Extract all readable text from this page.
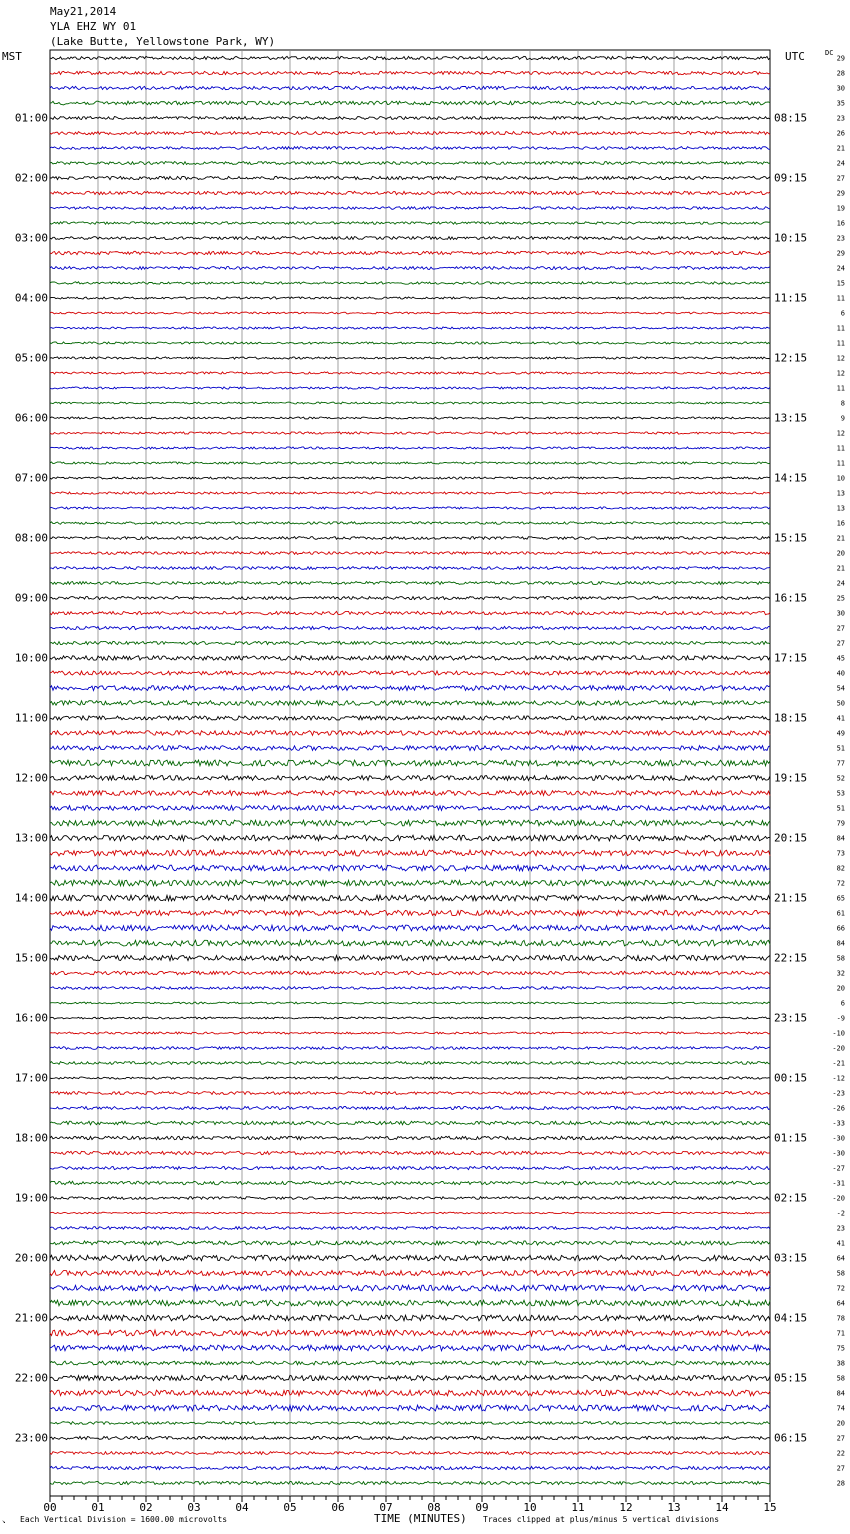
May21,2014
YLA EHZ WY 01
(Lake Butte, Yellowstone Park, WY)
MST	UTC	DC
29
28
30
35
23
26
21
24
27
29
19
16
23
29
24
15
11
6
11
11
12
12
11
8
9
12
11
11
10
13
13
16
21
20
21
24
25
30
27
27
45
40
54
50
41
49
51
77
52
53
51
79
84
73
82
72
65
61
66
84
58
32
20
6
-9
-10
-20
-21
-12
-23
-26
-33
-30
-30
-27
-31
-20
-2
23
41
64
58
72
64
78
71
75
38
58
84
74
20
27
22
27
28
01:00	08:15
02:00	09:15
03:00	10:15
04:00	11:15
05:00	12:15
06:00	13:15
07:00	14:15
08:00	15:15
09:00	16:15
10:00	17:15
11:00	18:15
12:00	19:15
13:00	20:15
14:00	21:15
15:00	22:15
16:00	23:15
17:00	00:15
18:00	01:15
19:00	02:15
20:00	03:15
21:00	04:15
22:00	05:15
23:00	06:15
00	01	02	03	04	05	06	07	08	09	10	11	12	13	14	15
↘ Each Vertical Division = 1600.00 microvolts	TIME (MINUTES) Traces clipped at plus/minus 5 vertical divisions
